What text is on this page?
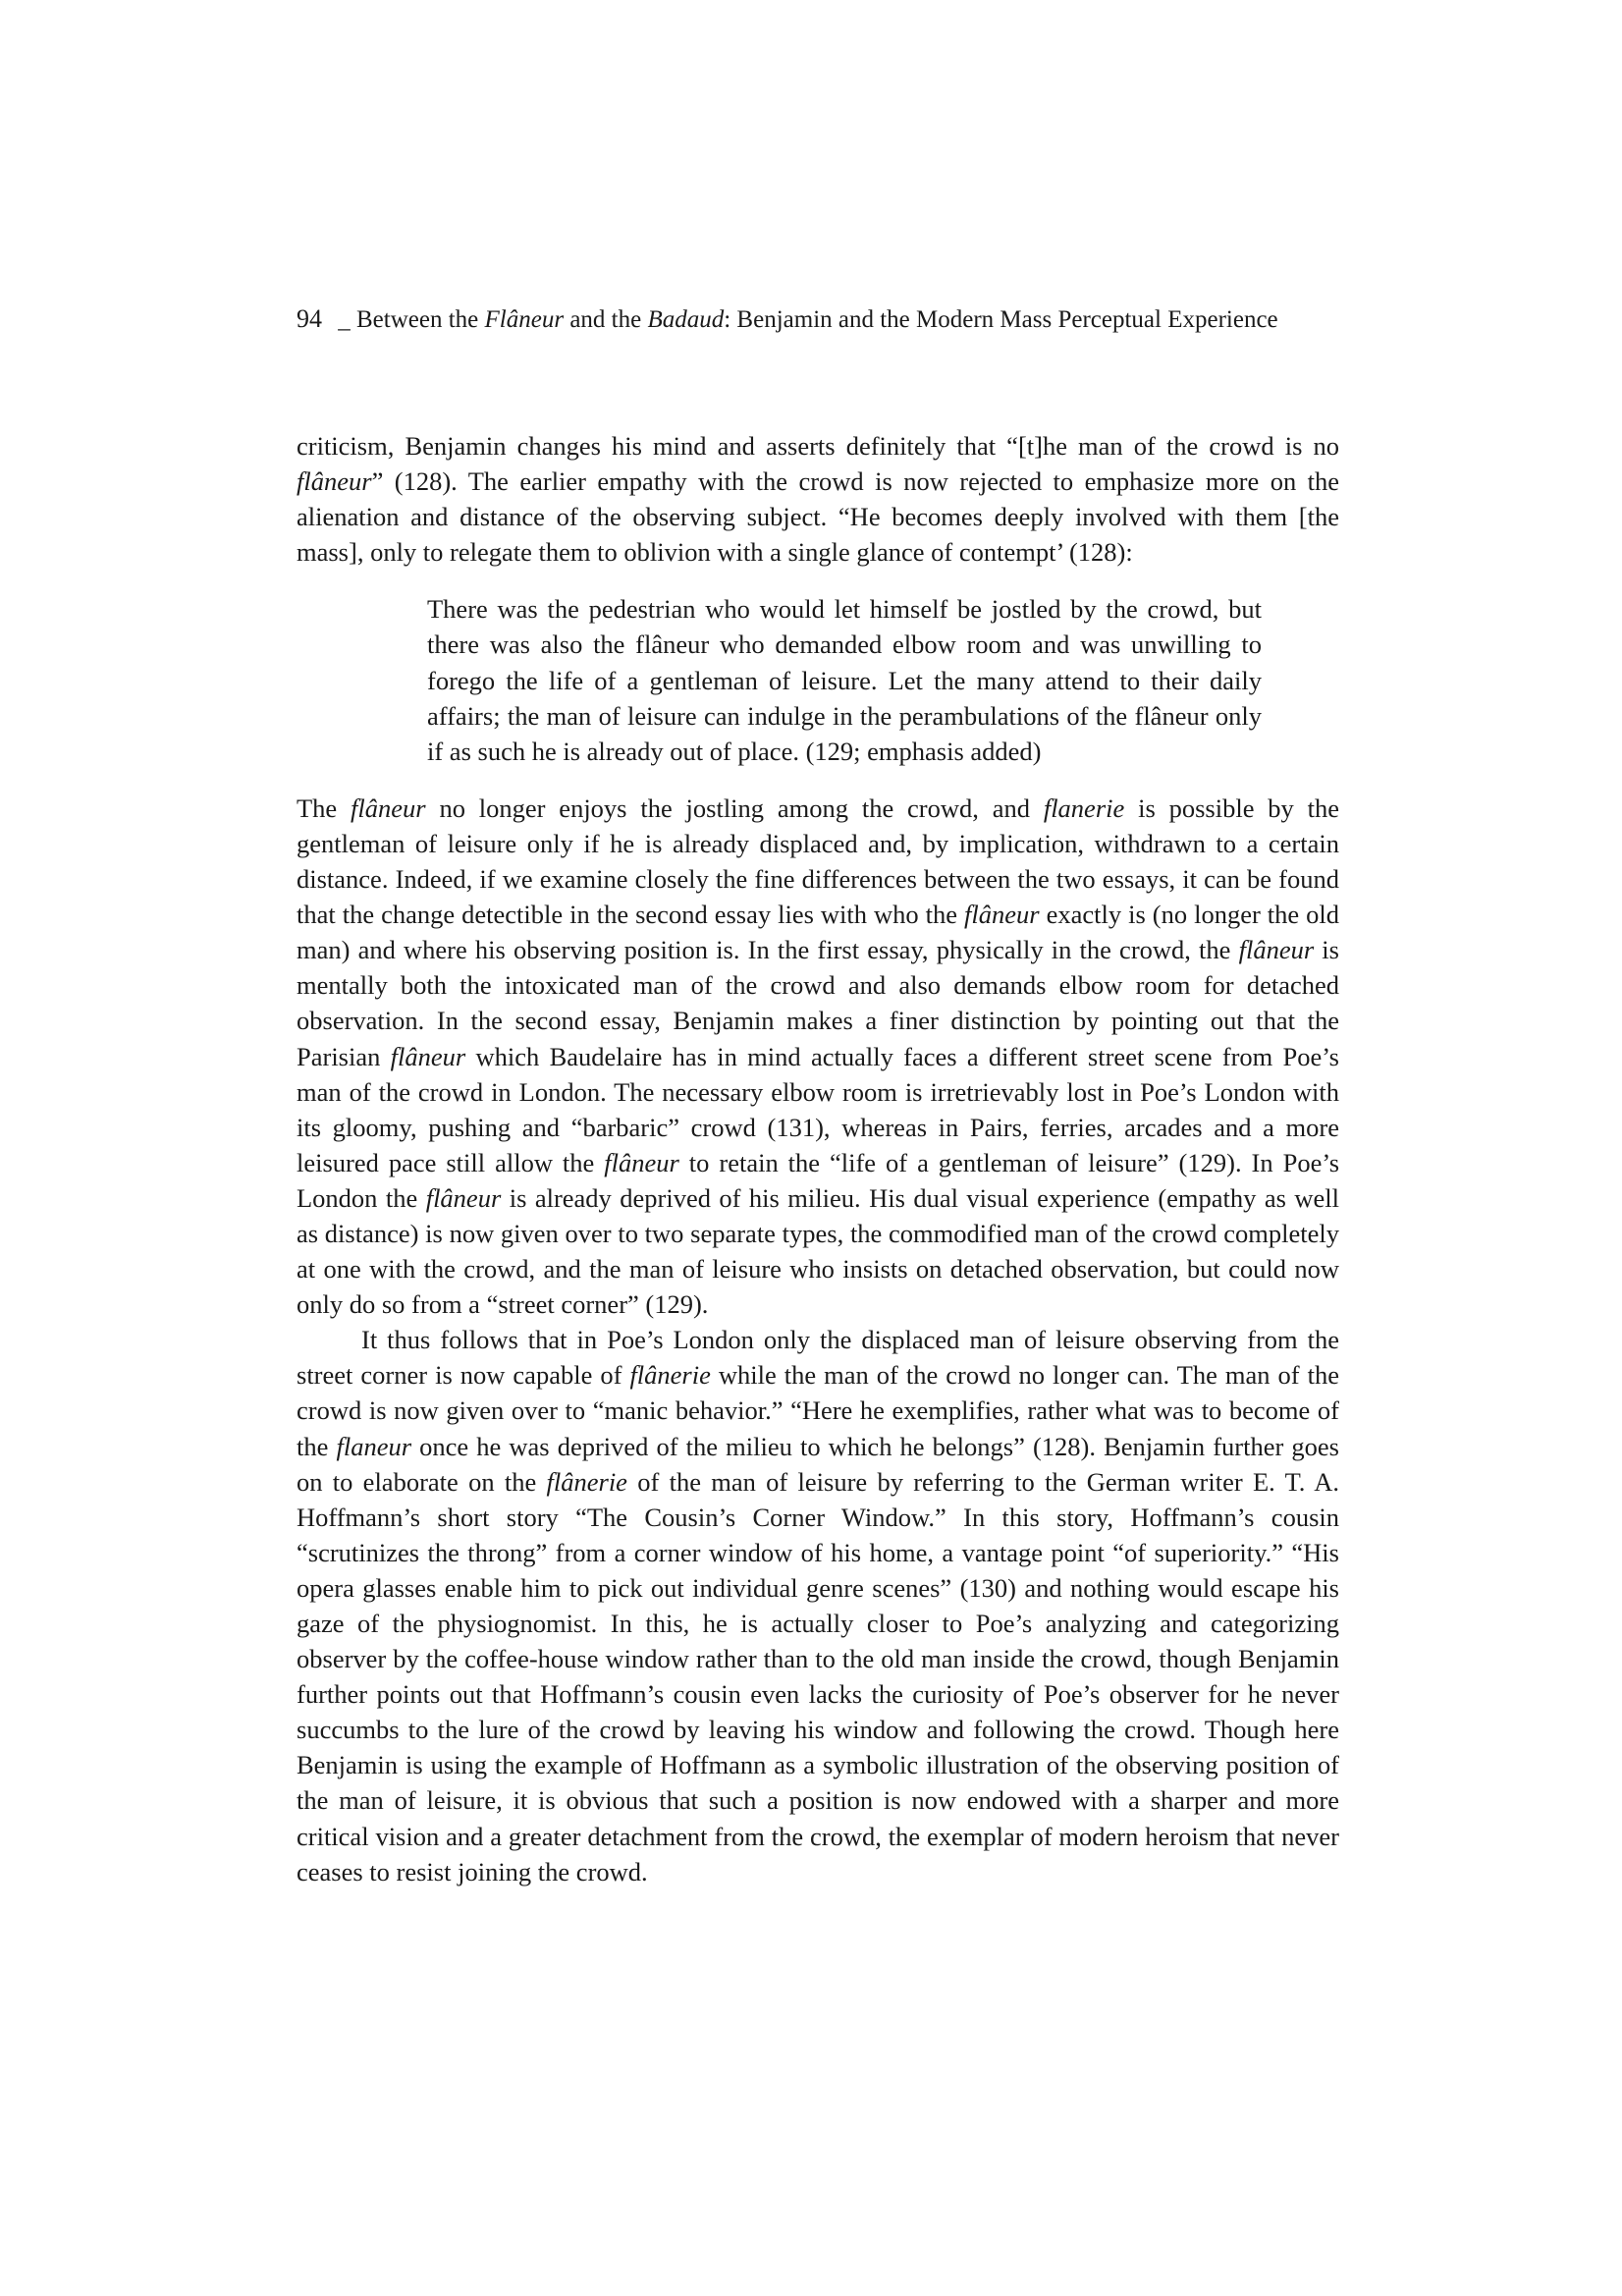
94 _ Between the Flâneur and the Badaud: Benjamin and the Modern Mass Perceptual Experience

criticism, Benjamin changes his mind and asserts definitely that “[t]he man of the crowd is no flâneur” (128). The earlier empathy with the crowd is now rejected to emphasize more on the alienation and distance of the observing subject. “He becomes deeply involved with them [the mass], only to relegate them to oblivion with a single glance of contempt’ (128):

There was the pedestrian who would let himself be jostled by the crowd, but there was also the flâneur who demanded elbow room and was unwilling to forego the life of a gentleman of leisure. Let the many attend to their daily affairs; the man of leisure can indulge in the perambulations of the flâneur only if as such he is already out of place. (129; emphasis added)

The flâneur no longer enjoys the jostling among the crowd, and flanerie is possible by the gentleman of leisure only if he is already displaced and, by implication, withdrawn to a certain distance. Indeed, if we examine closely the fine differences between the two essays, it can be found that the change detectible in the second essay lies with who the flâneur exactly is (no longer the old man) and where his observing position is. In the first essay, physically in the crowd, the flâneur is mentally both the intoxicated man of the crowd and also demands elbow room for detached observation. In the second essay, Benjamin makes a finer distinction by pointing out that the Parisian flâneur which Baudelaire has in mind actually faces a different street scene from Poe’s man of the crowd in London. The necessary elbow room is irretrievably lost in Poe’s London with its gloomy, pushing and “barbaric” crowd (131), whereas in Pairs, ferries, arcades and a more leisured pace still allow the flâneur to retain the “life of a gentleman of leisure” (129). In Poe’s London the flâneur is already deprived of his milieu. His dual visual experience (empathy as well as distance) is now given over to two separate types, the commodified man of the crowd completely at one with the crowd, and the man of leisure who insists on detached observation, but could now only do so from a “street corner” (129).

It thus follows that in Poe’s London only the displaced man of leisure observing from the street corner is now capable of flânerie while the man of the crowd no longer can. The man of the crowd is now given over to “manic behavior.” “Here he exemplifies, rather what was to become of the flaneur once he was deprived of the milieu to which he belongs” (128). Benjamin further goes on to elaborate on the flânerie of the man of leisure by referring to the German writer E. T. A. Hoffmann’s short story “The Cousin’s Corner Window.” In this story, Hoffmann’s cousin “scrutinizes the throng” from a corner window of his home, a vantage point “of superiority.” “His opera glasses enable him to pick out individual genre scenes” (130) and nothing would escape his gaze of the physiognomist. In this, he is actually closer to Poe’s analyzing and categorizing observer by the coffee-house window rather than to the old man inside the crowd, though Benjamin further points out that Hoffmann’s cousin even lacks the curiosity of Poe’s observer for he never succumbs to the lure of the crowd by leaving his window and following the crowd. Though here Benjamin is using the example of Hoffmann as a symbolic illustration of the observing position of the man of leisure, it is obvious that such a position is now endowed with a sharper and more critical vision and a greater detachment from the crowd, the exemplar of modern heroism that never ceases to resist joining the crowd.
